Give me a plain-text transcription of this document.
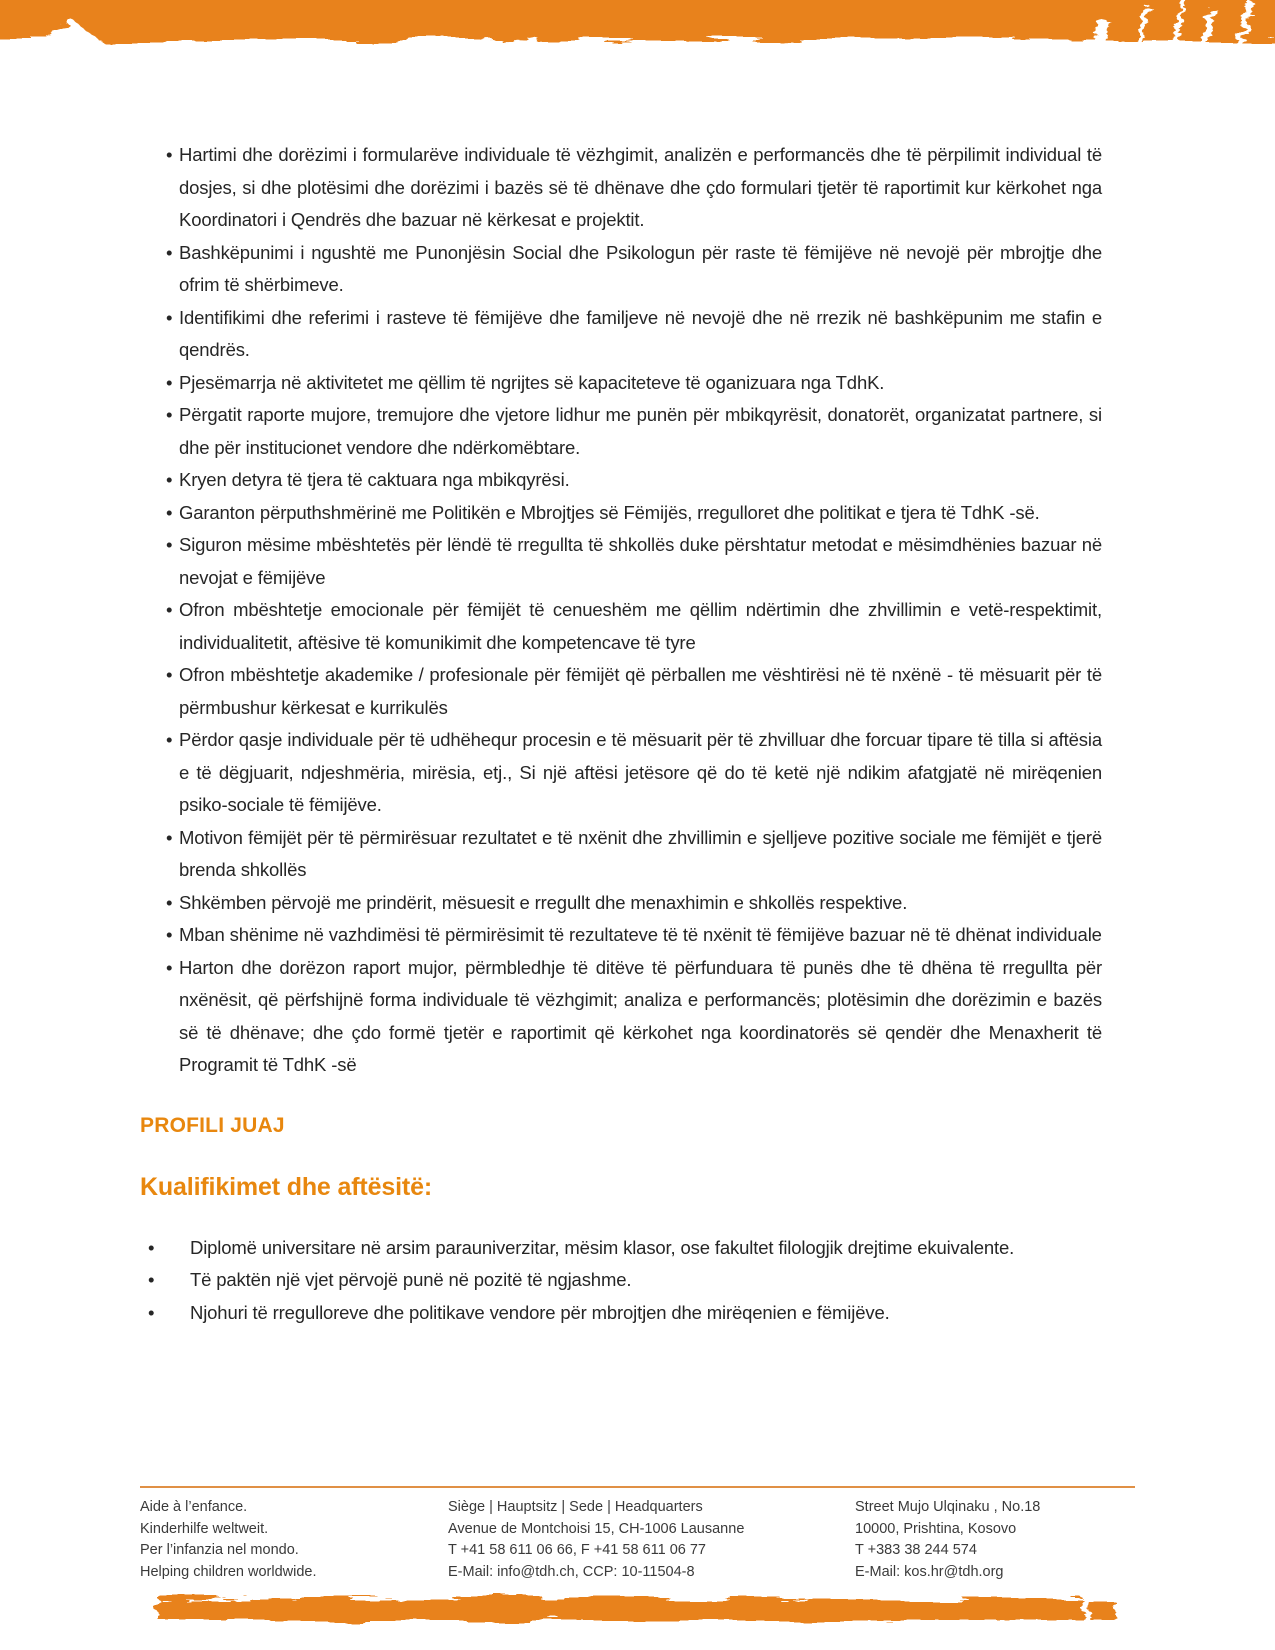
• Hartimi dhe dorëzimi i formularëve individuale të vëzhgimit, analizën e performancës dhe të përpilimit individual të dosjes, si dhe plotësimi dhe dorëzimi i bazës së të dhënave dhe çdo formulari tjetër të raportimit kur kërkohet nga Koordinatori i Qendrës dhe bazuar në kërkesat e projektit.
• Bashkëpunimi i ngushtë me Punonjësin Social dhe Psikologun për raste të fëmijëve në nevojë për mbrojtje dhe ofrim të shërbimeve.
• Identifikimi dhe referimi i rasteve të fëmijëve dhe familjeve në nevojë dhe në rrezik në bashkëpunim me stafin e qendrës.
• Pjesëmarrja në aktivitetet me qëllim të ngrijtes së kapaciteteve të oganizuara nga TdhK.
• Përgatit raporte mujore, tremujore dhe vjetore lidhur me punën për mbikqyrësit, donatorët, organizatat partnere, si dhe për institucionet vendore dhe ndërkomëbtare.
• Kryen detyra të tjera të caktuara nga mbikqyrësi.
• Garanton përputhshmërinë me Politikën e Mbrojtjes së Fëmijës, rregulloret dhe politikat e tjera të TdhK -së.
• Siguron mësime mbështetës për lëndë të rregullta të shkollës duke përshtatur metodat e mësimdhënies bazuar në nevojat e fëmijëve
• Ofron mbështetje emocionale për fëmijët të cenueshëm me qëllim ndërtimin dhe zhvillimin e vetë-respektimit, individualitetit, aftësive të komunikimit dhe kompetencave të tyre
• Ofron mbështetje akademike / profesionale për fëmijët që përballen me vështirësi në të nxënë - të mësuarit për të përmbushur kërkesat e kurrikulës
• Përdor qasje individuale për të udhëhequr procesin e të mësuarit për të zhvilluar dhe forcuar tipare të tilla si aftësia e të dëgjuarit, ndjeshmëria, mirësia, etj., Si një aftësi jetësore që do të ketë një ndikim afatgjatë në mirëqenien psiko-sociale të fëmijëve.
• Motivon fëmijët për të përmirësuar rezultatet e të nxënit dhe zhvillimin e sjelljeve pozitive sociale me fëmijët e tjerë brenda shkollës
• Shkëmben përvojë me prindërit, mësuesit e rregullt dhe menaxhimin e shkollës respektive.
• Mban shënime në vazhdimësi të përmirësimit të rezultateve të të nxënit të fëmijëve bazuar në të dhënat individuale
• Harton dhe dorëzon raport mujor, përmbledhje të ditëve të përfunduara të punës dhe të dhëna të rregullta për nxënësit, që përfshijnë forma individuale të vëzhgimit; analiza e performancës; plotësimin dhe dorëzimin e bazës së të dhënave; dhe çdo formë tjetër e raportimit që kërkohet nga koordinatorës së qendër dhe Menaxherit të Programit të TdhK -së
PROFILI JUAJ
Kualifikimet dhe aftësitë:
•	Diplomë universitare në arsim parauniverzitar, mësim klasor, ose fakultet filologjik drejtime ekuivalente.
•	Të paktën një vjet përvojë punë në pozitë të ngjashme.
•	Njohuri të rregulloreve dhe politikave vendore për mbrojtjen dhe mirëqenien e fëmijëve.
Aide à l’enfance.
Kinderhilfe weltweit.
Per l’infanzia nel mondo.
Helping children worldwide.
Siège | Hauptsitz | Sede | Headquarters
Avenue de Montchoisi 15, CH-1006 Lausanne
T +41 58 611 06 66, F +41 58 611 06 77
E-Mail: info@tdh.ch, CCP: 10-11504-8
Street Mujo Ulqinaku , No.18
10000, Prishtina, Kosovo
T +383 38 244 574
E-Mail: kos.hr@tdh.org
